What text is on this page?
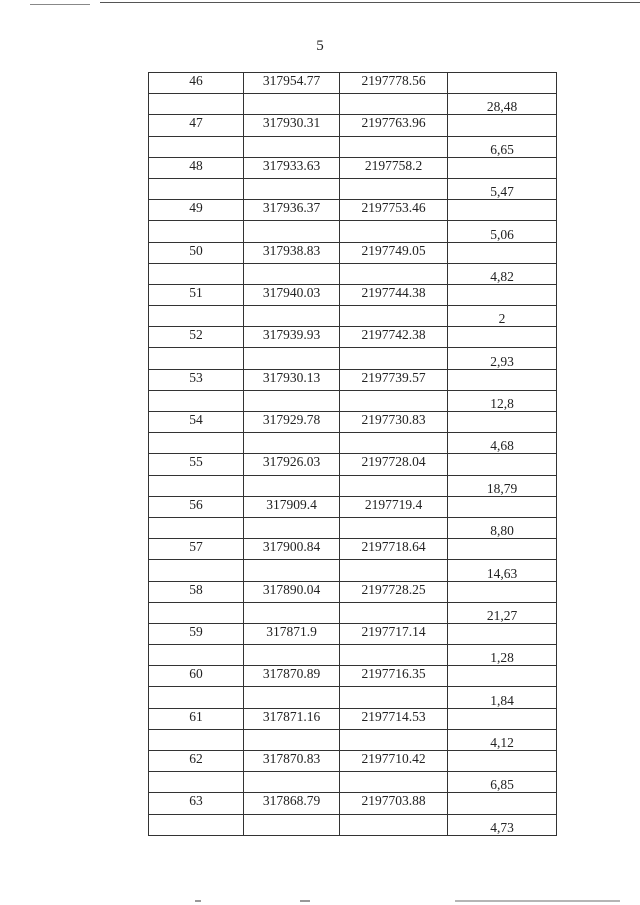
5
46	317954.77	2197778.56	
			28,48
47	317930.31	2197763.96	
			6,65
48	317933.63	2197758.2	
			5,47
49	317936.37	2197753.46	
			5,06
50	317938.83	2197749.05	
			4,82
51	317940.03	2197744.38	
			2
52	317939.93	2197742.38	
			2,93
53	317930.13	2197739.57	
			12,8
54	317929.78	2197730.83	
			4,68
55	317926.03	2197728.04	
			18,79
56	317909.4	2197719.4	
			8,80
57	317900.84	2197718.64	
			14,63
58	317890.04	2197728.25	
			21,27
59	317871.9	2197717.14	
			1,28
60	317870.89	2197716.35	
			1,84
61	317871.16	2197714.53	
			4,12
62	317870.83	2197710.42	
			6,85
63	317868.79	2197703.88	
			4,73
